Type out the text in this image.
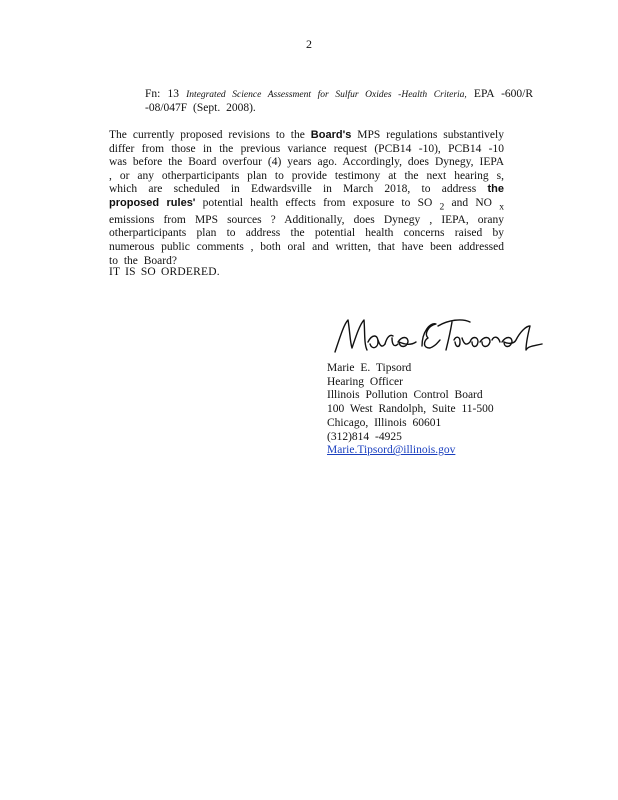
2
Fn: 13 Integrated Science Assessment for Sulfur Oxides -Health Criteria, EPA -600/R -08/047F (Sept. 2008).
The currently proposed revisions to the Board's MPS regulations substantively differ from those in the previous variance request (PCB14 -10), PCB14 -10 was before the Board overfour (4) years ago. Accordingly, does Dynegy, IEPA , or any otherparticipants plan to provide testimony at the next hearing s, which are scheduled in Edwardsville in March 2018, to address the proposed rules' potential health effects from exposure to SO $_2$ and NO $_x$ emissions from MPS sources ? Additionally, does Dynegy , IEPA, orany otherparticipants plan to address the potential health concerns raised by numerous public comments , both oral and written, that have been addressed to the Board?
IT IS SO ORDERED.
Marie E. Tipsord
Hearing Officer
Illinois Pollution Control Board
100 West Randolph, Suite 11-500
Chicago, Illinois 60601
(312)814 -4925
Marie.Tipsord@illinois.gov
